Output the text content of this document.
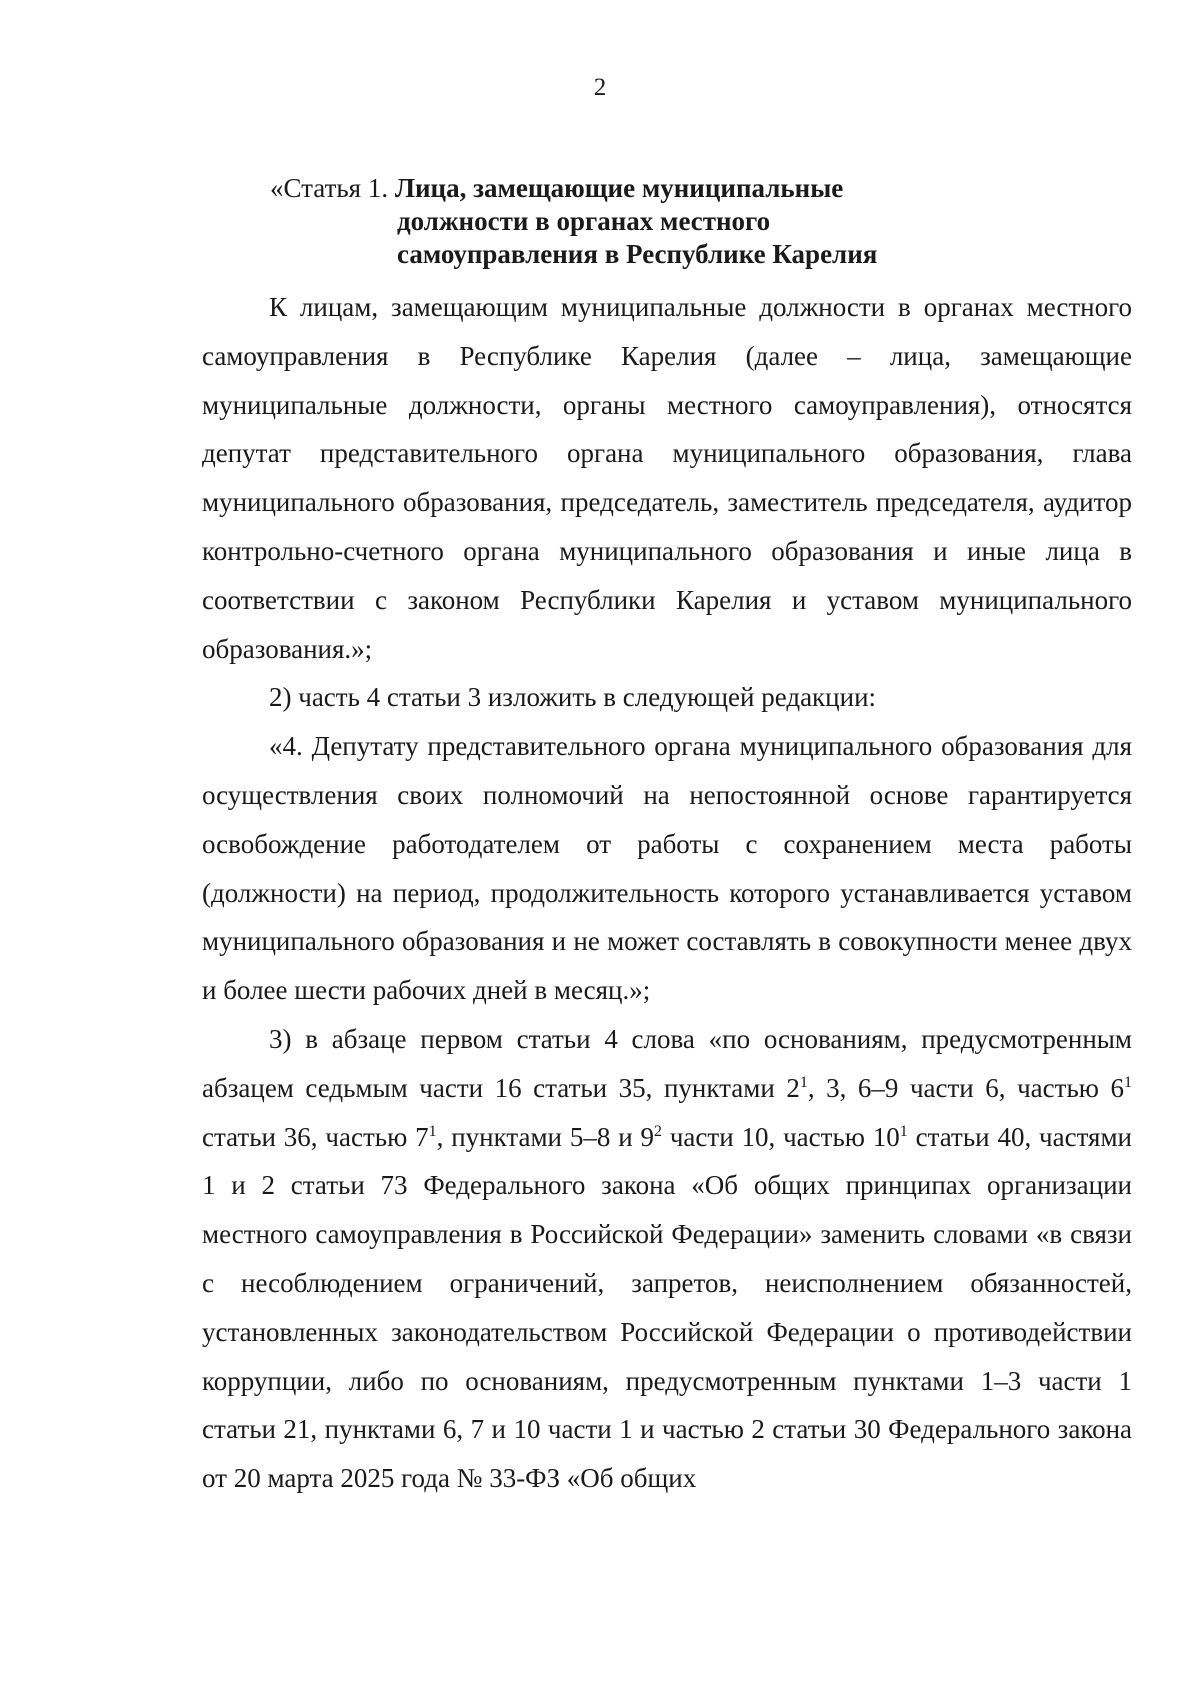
2
«Статья 1. Лица, замещающие муниципальные
должности в органах местного
самоуправления в Республике Карелия

К лицам, замещающим муниципальные должности в органах местного самоуправления в Республике Карелия (далее – лица, замещающие муниципальные должности, органы местного самоуправления), относятся депутат представительного органа муниципального образования, глава муниципального образования, председатель, заместитель председателя, аудитор контрольно-счетного органа муниципального образования и иные лица в соответствии с законом Республики Карелия и уставом муниципального образования.»;

2) часть 4 статьи 3 изложить в следующей редакции:

«4. Депутату представительного органа муниципального образования для осуществления своих полномочий на непостоянной основе гарантируется освобождение работодателем от работы с сохранением места работы (должности) на период, продолжительность которого устанавливается уставом муниципального образования и не может составлять в совокупности менее двух и более шести рабочих дней в месяц.»;

3) в абзаце первом статьи 4 слова «по основаниям, предусмотренным абзацем седьмым части 16 статьи 35, пунктами $2^1$, 3, 6–9 части 6, частью $6^1$ статьи 36, частью $7^1$, пунктами 5–8 и $9^2$ части 10, частью $10^1$ статьи 40, частями 1 и 2 статьи 73 Федерального закона «Об общих принципах организации местного самоуправления в Российской Федерации» заменить словами «в связи с несоблюдением ограничений, запретов, неисполнением обязанностей, установленных законодательством Российской Федерации о противодействии коррупции, либо по основаниям, предусмотренным пунктами 1–3 части 1 статьи 21, пунктами 6, 7 и 10 части 1 и частью 2 статьи 30 Федерального закона от 20 марта 2025 года № 33-ФЗ «Об общих
